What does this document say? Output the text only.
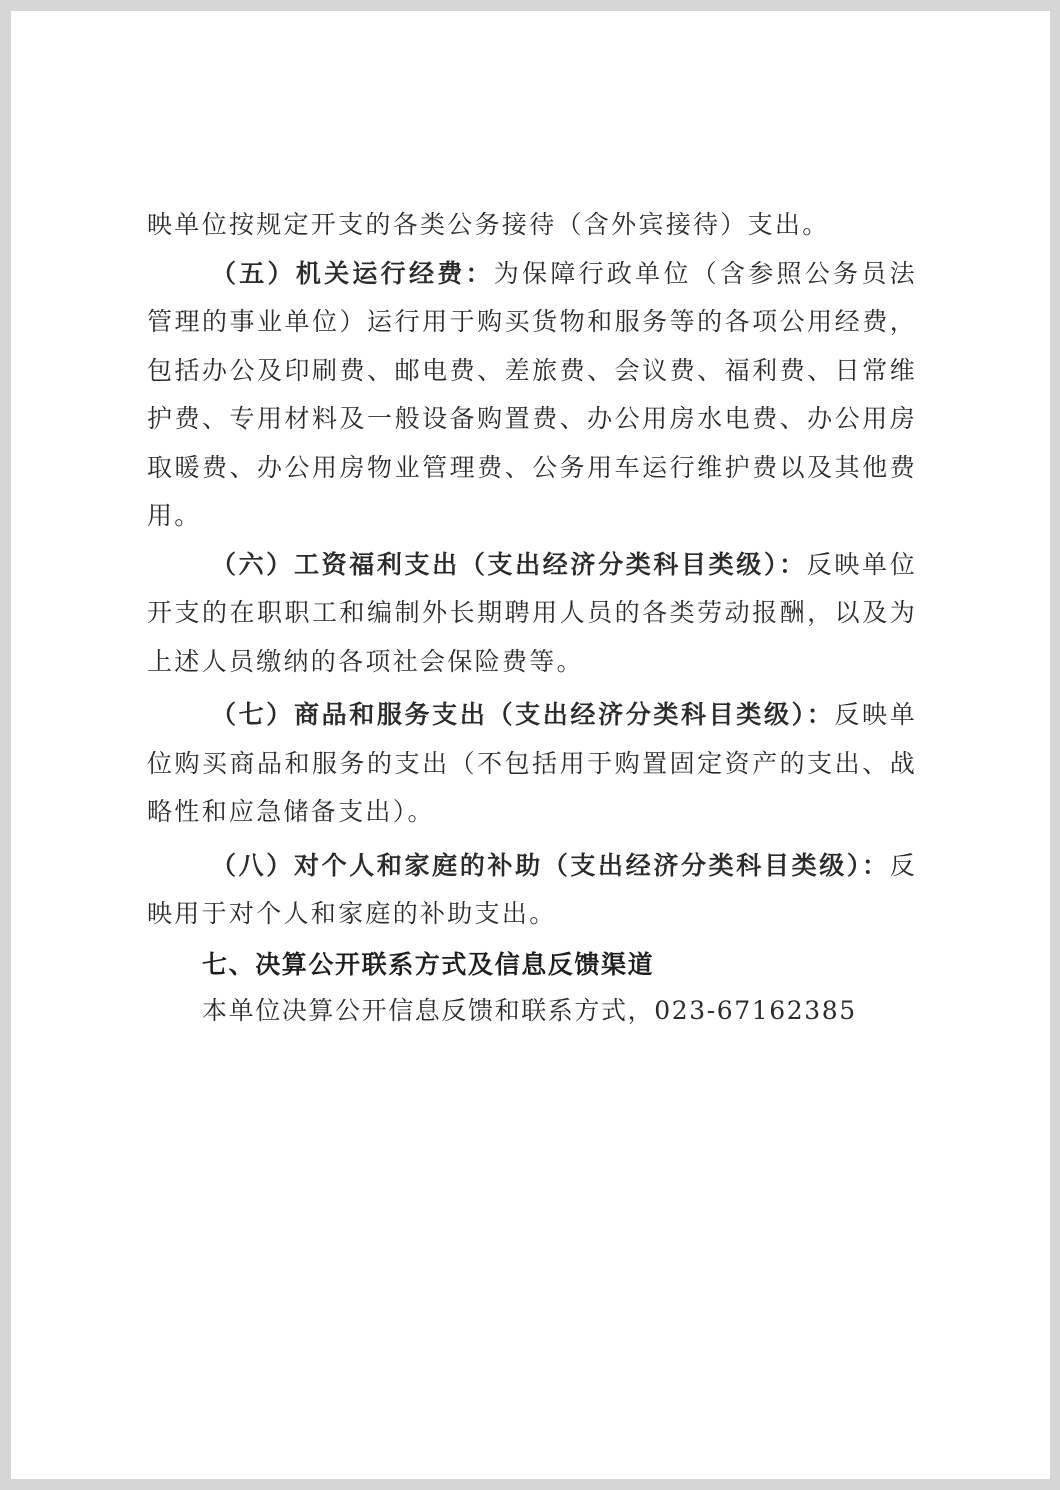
映单位按规定开支的各类公务接待（含外宾接待）支出。

（五）机关运行经费：为保障行政单位（含参照公务员法管理的事业单位）运行用于购买货物和服务等的各项公用经费，包括办公及印刷费、邮电费、差旅费、会议费、福利费、日常维护费、专用材料及一般设备购置费、办公用房水电费、办公用房取暖费、办公用房物业管理费、公务用车运行维护费以及其他费用。

（六）工资福利支出（支出经济分类科目类级）：反映单位开支的在职职工和编制外长期聘用人员的各类劳动报酬，以及为上述人员缴纳的各项社会保险费等。

（七）商品和服务支出（支出经济分类科目类级）：反映单位购买商品和服务的支出（不包括用于购置固定资产的支出、战略性和应急储备支出）。

（八）对个人和家庭的补助（支出经济分类科目类级）：反映用于对个人和家庭的补助支出。

七、决算公开联系方式及信息反馈渠道

本单位决算公开信息反馈和联系方式，023-67162385
